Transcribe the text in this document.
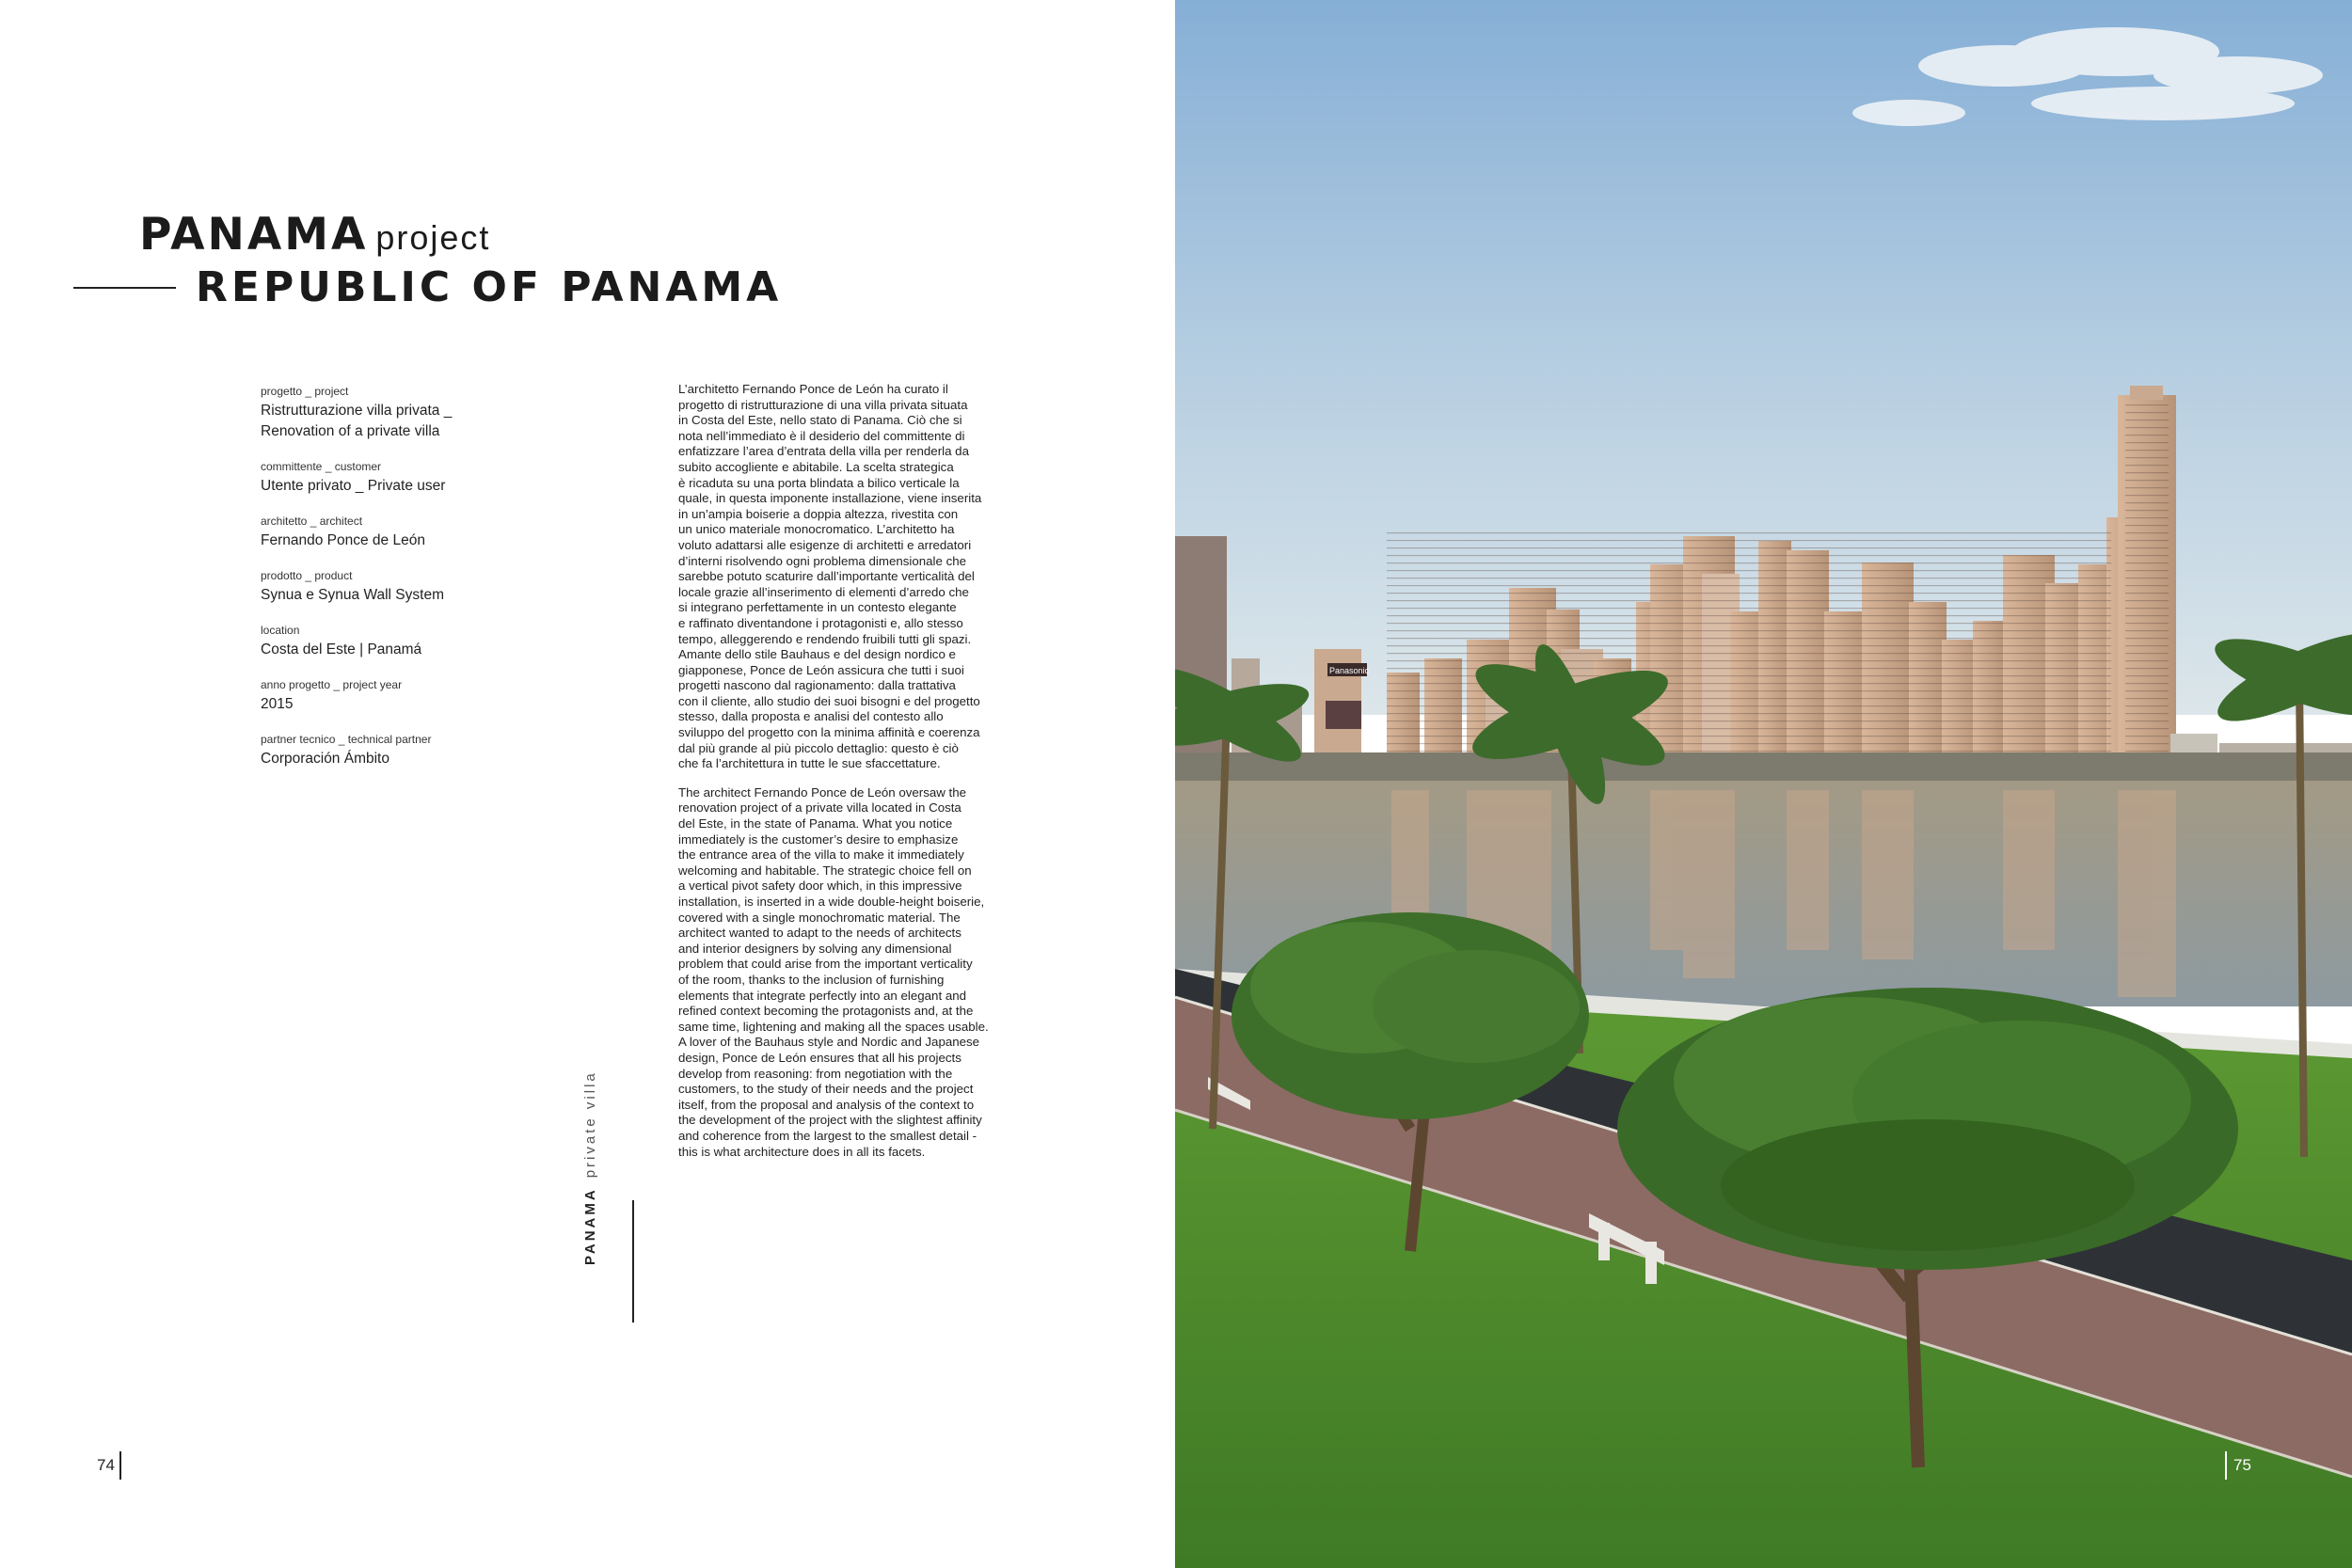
PANAMA project
REPUBLIC OF PANAMA
progetto _ project
Ristrutturazione villa privata _
Renovation of a private villa
committente _ customer
Utente privato _ Private user
architetto _ architect
Fernando Ponce de León
prodotto _ product
Synua e Synua Wall System
location
Costa del Este | Panamá
anno progetto _ project year
2015
partner tecnico _ technical partner
Corporación Ámbito

L’architetto Fernando Ponce de León ha curato il
progetto di ristrutturazione di una villa privata situata
in Costa del Este, nello stato di Panama. Ciò che si
nota nell’immediato è il desiderio del committente di
enfatizzare l’area d’entrata della villa per renderla da
subito accogliente e abitabile. La scelta strategica
è ricaduta su una porta blindata a bilico verticale la
quale, in questa imponente installazione, viene inserita
in un’ampia boiserie a doppia altezza, rivestita con
un unico materiale monocromatico. L’architetto ha
voluto adattarsi alle esigenze di architetti e arredatori
d’interni risolvendo ogni problema dimensionale che
sarebbe potuto scaturire dall’importante verticalità del
locale grazie all’inserimento di elementi d’arredo che
si integrano perfettamente in un contesto elegante
e raffinato diventandone i protagonisti e, allo stesso
tempo, alleggerendo e rendendo fruibili tutti gli spazi.
Amante dello stile Bauhaus e del design nordico e
giapponese, Ponce de León assicura che tutti i suoi
progetti nascono dal ragionamento: dalla trattativa
con il cliente, allo studio dei suoi bisogni e del progetto
stesso, dalla proposta e analisi del contesto allo
sviluppo del progetto con la minima affinità e coerenza
dal più grande al più piccolo dettaglio: questo è ciò
che fa l’architettura in tutte le sue sfaccettature.

The architect Fernando Ponce de León oversaw the
renovation project of a private villa located in Costa
del Este, in the state of Panama. What you notice
immediately is the customer’s desire to emphasize
the entrance area of the villa to make it immediately
welcoming and habitable. The strategic choice fell on
a vertical pivot safety door which, in this impressive
installation, is inserted in a wide double-height boiserie,
covered with a single monochromatic material. The
architect wanted to adapt to the needs of architects
and interior designers by solving any dimensional
problem that could arise from the important verticality
of the room, thanks to the inclusion of furnishing
elements that integrate perfectly into an elegant and
refined context becoming the protagonists and, at the
same time, lightening and making all the spaces usable.
A lover of the Bauhaus style and Nordic and Japanese
design, Ponce de León ensures that all his projects
develop from reasoning: from negotiation with the
customers, to the study of their needs and the project
itself, from the proposal and analysis of the context to
the development of the project with the slightest affinity
and coherence from the largest to the smallest detail -
this is what architecture does in all its facets.

PANAMAprivate villa
74
Panasonic
75
